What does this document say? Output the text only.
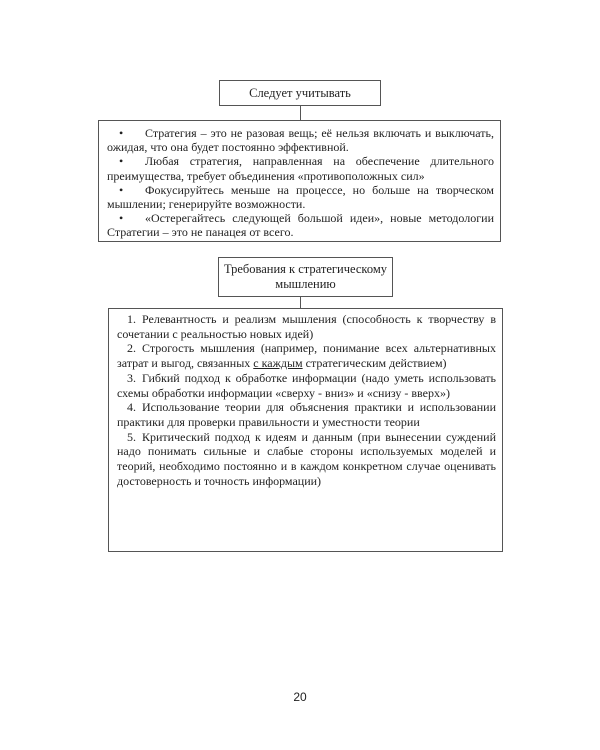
Следует учитывать
• Стратегия – это не разовая вещь; её нельзя включать и выключать, ожидая, что она будет постоянно эффективной.
• Любая стратегия, направленная на обеспечение длительного преимущества, требует объединения «противоположных сил»
• Фокусируйтесь меньше на процессе, но больше на творческом мышлении; генерируйте возможности.
• «Остерегайтесь следующей большой идеи», новые методологии Стратегии – это не панацея от всего.
Требования к стратегическому мышлению
1. Релевантность и реализм мышления (способность к творчеству в сочетании с реальностью новых идей)
2. Строгость мышления (например, понимание всех альтернативных затрат и выгод, связанных с каждым стратегическим действием)
3. Гибкий подход к обработке информации (надо уметь использовать схемы обработки информации «сверху - вниз» и «снизу - вверх»)
4. Использование теории для объяснения практики и использовании практики для проверки правильности и уместности теории
5. Критический подход к идеям и данным (при вынесении суждений надо понимать сильные и слабые стороны используемых моделей и теорий, необходимо постоянно и в каждом конкретном случае оценивать достоверность и точность информации)
20
